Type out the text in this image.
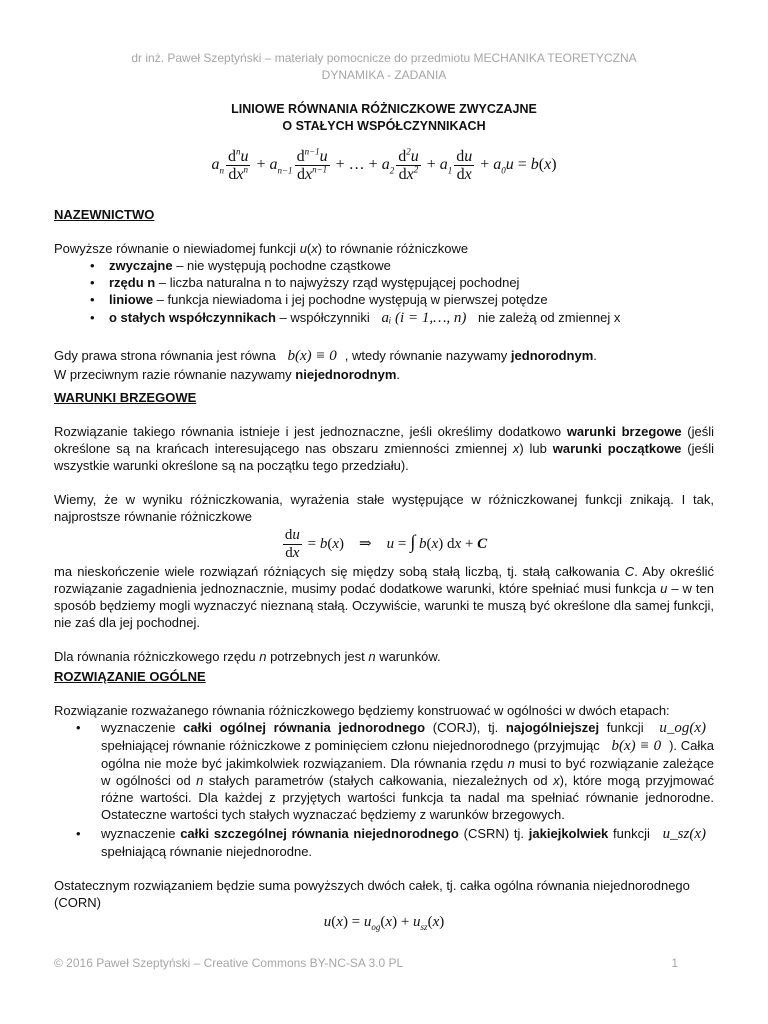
dr inż. Paweł Szeptyński – materiały pomocnicze do przedmiotu MECHANIKA TEORETYCZNA
DYNAMIKA - ZADANIA
LINIOWE RÓWNANIA RÓŻNICZKOWE ZWYCZAJNE
O STAŁYCH WSPÓŁCZYNNIKACH
$a_n \frac{d^nu}{dx^n} + a_{n-1} \frac{d^{n-1}u}{dx^{n-1}}$ + … + $a_2 \frac{d^2u}{dx^2} + a_1 \frac{du}{dx} + a_0u = b(x)$

NAZEWNICTWO

Powyższe równanie o niewiadomej funkcji u(x) to równanie różniczkowe

• zwyczajne – nie występują pochodne cząstkowe
• rzędu n – liczba naturalna n to najwyższy rząd występującej pochodnej
• liniowe – funkcja niewiadoma i jej pochodne występują w pierwszej potędze
• o stałych współczynnikach – współczynniki aᵢ (i = 1,…, n) nie zależą od zmiennej x

Gdy prawa strona równania jest równa b(x) ≡ 0 , wtedy równanie nazywamy jednorodnym.

W przeciwnym razie równanie nazywamy niejednorodnym.

WARUNKI BRZEGOWE

Rozwiązanie takiego równania istnieje i jest jednoznaczne, jeśli określimy dodatkowo warunki brzegowe (jeśli określone są na krańcach interesującego nas obszaru zmienności zmiennej x) lub warunki początkowe (jeśli wszystkie warunki określone są na początku tego przedziału).

Wiemy, że w wyniku różniczkowania, wyrażenia stałe występujące w różniczkowanej funkcji znikają. I tak, najprostsze równanie różniczkowe

$\frac{du}{dx} = b(x)$    ⇒    u = ∫ b(x) dx + C

ma nieskończenie wiele rozwiązań różniących się między sobą stałą liczbą, tj. stałą całkowania C. Aby określić rozwiązanie zagadnienia jednoznacznie, musimy podać dodatkowe warunki, które spełniać musi funkcja u – w ten sposób będziemy mogli wyznaczyć nieznaną stałą. Oczywiście, warunki te muszą być określone dla samej funkcji, nie zaś dla jej pochodnej.

Dla równania różniczkowego rzędu n potrzebnych jest n warunków.

ROZWIĄZANIE OGÓLNE

Rozwiązanie rozważanego równania różniczkowego będziemy konstruować w ogólności w dwóch etapach:

• wyznaczenie całki ogólnej równania jednorodnego (CORJ), tj. najogólniejszej funkcji u_og(x) spełniającej równanie różniczkowe z pominięciem członu niejednorodnego (przyjmując b(x) ≡ 0 ). Całka ogólna nie może być jakimkolwiek rozwiązaniem. Dla równania rzędu n musi to być rozwiązanie zależące w ogólności od n stałych parametrów (stałych całkowania, niezależnych od x), które mogą przyjmować różne wartości. Dla każdej z przyjętych wartości funkcja ta nadal ma spełniać równanie jednorodne. Ostateczne wartości tych stałych wyznaczać będziemy z warunków brzegowych.
• wyznaczenie całki szczególnej równania niejednorodnego (CSRN) tj. jakiejkolwiek funkcji u_sz(x) spełniającą równanie niejednorodne.

Ostatecznym rozwiązaniem będzie suma powyższych dwóch całek, tj. całka ogólna równania niejednorodnego (CORN)

$u(x) = u_{og}(x) + u_{sz}(x)$
© 2016 Paweł Szeptyński – Creative Commons BY-NC-SA 3.0 PL	1
